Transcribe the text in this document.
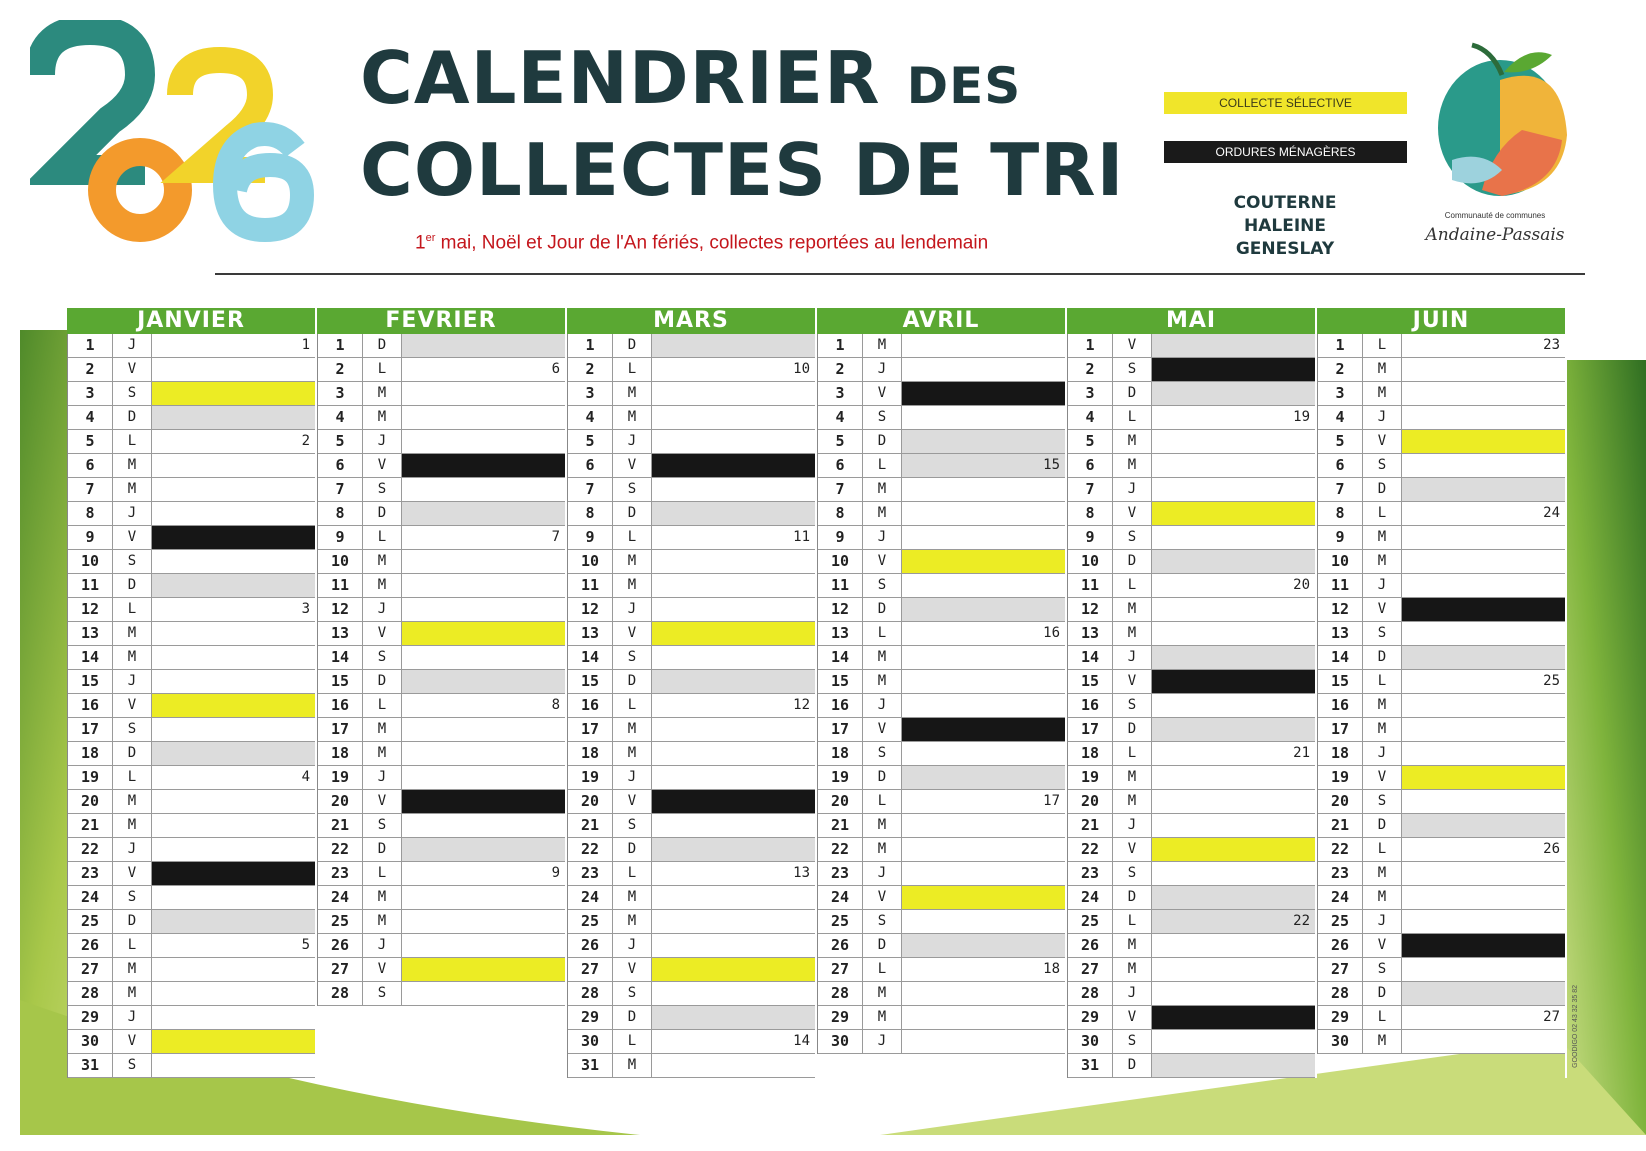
CALENDRIER DES
COLLECTES DE TRI
1er mai, Noël et Jour de l'An fériés, collectes reportées au lendemain
COLLECTE SÉLECTIVE
ORDURES MÉNAGÈRES
COUTERNE
HALEINE
GENESLAY
Communauté de communes
Andaine-Passais
JANVIER
1	J	1
2	V
3	S
4	D
5	L	2
6	M
7	M
8	J
9	V
10	S
11	D
12	L	3
13	M
14	M
15	J
16	V
17	S
18	D
19	L	4
20	M
21	M
22	J
23	V
24	S
25	D
26	L	5
27	M
28	M
29	J
30	V
31	S
FEVRIER
1	D
2	L	6
3	M
4	M
5	J
6	V
7	S
8	D
9	L	7
10	M
11	M
12	J
13	V
14	S
15	D
16	L	8
17	M
18	M
19	J
20	V
21	S
22	D
23	L	9
24	M
25	M
26	J
27	V
28	S
MARS
1	D
2	L	10
3	M
4	M
5	J
6	V
7	S
8	D
9	L	11
10	M
11	M
12	J
13	V
14	S
15	D
16	L	12
17	M
18	M
19	J
20	V
21	S
22	D
23	L	13
24	M
25	M
26	J
27	V
28	S
29	D
30	L	14
31	M
AVRIL
1	M
2	J
3	V
4	S
5	D
6	L	15
7	M
8	M
9	J
10	V
11	S
12	D
13	L	16
14	M
15	M
16	J
17	V
18	S
19	D
20	L	17
21	M
22	M
23	J
24	V
25	S
26	D
27	L	18
28	M
29	M
30	J
MAI
1	V
2	S
3	D
4	L	19
5	M
6	M
7	J
8	V
9	S
10	D
11	L	20
12	M
13	M
14	J
15	V
16	S
17	D
18	L	21
19	M
20	M
21	J
22	V
23	S
24	D
25	L	22
26	M
27	M
28	J
29	V
30	S
31	D
JUIN
1	L	23
2	M
3	M
4	J
5	V
6	S
7	D
8	L	24
9	M
10	M
11	J
12	V
13	S
14	D
15	L	25
16	M
17	M
18	J
19	V
20	S
21	D
22	L	26
23	M
24	M
25	J
26	V
27	S
28	D
29	L	27
30	M	GOODIGO 02 43 32 35 82
